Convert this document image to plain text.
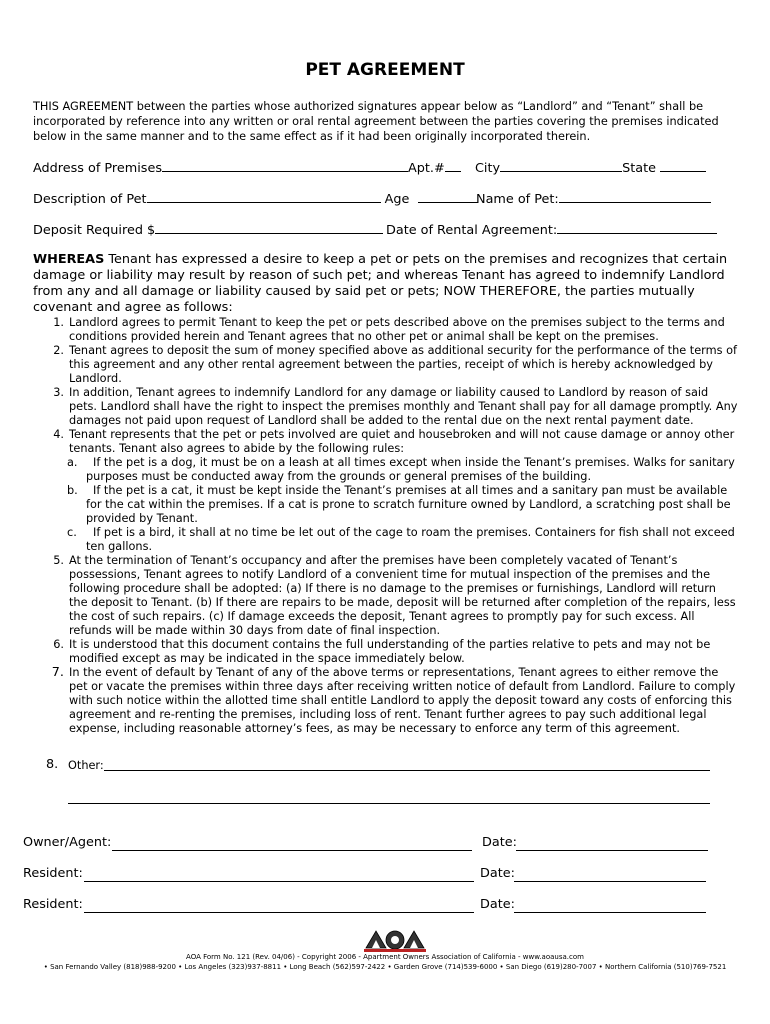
PET AGREEMENT
THIS AGREEMENT between the parties whose authorized signatures appear below as “Landlord” and “Tenant” shall be
incorporated by reference into any written or oral rental agreement between the parties covering the premises indicated
below in the same manner and to the same effect as if it had been originally incorporated therein.
Address of Premises	Apt.#	City	State
Description of Pet	Age	Name of Pet:
Deposit Required $	Date of Rental Agreement:
WHEREAS Tenant has expressed a desire to keep a pet or pets on the premises and recognizes that certain
damage or liability may result by reason of such pet; and whereas Tenant has agreed to indemnify Landlord
from any and all damage or liability caused by said pet or pets; NOW THEREFORE, the parties mutually
covenant and agree as follows:
1. Landlord agrees to permit Tenant to keep the pet or pets described above on the premises subject to the terms and
conditions provided herein and Tenant agrees that no other pet or animal shall be kept on the premises.
2. Tenant agrees to deposit the sum of money specified above as additional security for the performance of the terms of
this agreement and any other rental agreement between the parties, receipt of which is hereby acknowledged by
Landlord.
3. In addition, Tenant agrees to indemnify Landlord for any damage or liability caused to Landlord by reason of said
pets. Landlord shall have the right to inspect the premises monthly and Tenant shall pay for all damage promptly. Any
damages not paid upon request of Landlord shall be added to the rental due on the next rental payment date.
4. Tenant represents that the pet or pets involved are quiet and housebroken and will not cause damage or annoy other
tenants. Tenant also agrees to abide by the following rules:
a. If the pet is a dog, it must be on a leash at all times except when inside the Tenant’s premises. Walks for sanitary
purposes must be conducted away from the grounds or general premises of the building.
b. If the pet is a cat, it must be kept inside the Tenant’s premises at all times and a sanitary pan must be available
for the cat within the premises. If a cat is prone to scratch furniture owned by Landlord, a scratching post shall be
provided by Tenant.
c. If pet is a bird, it shall at no time be let out of the cage to roam the premises. Containers for fish shall not exceed
ten gallons.
5. At the termination of Tenant’s occupancy and after the premises have been completely vacated of Tenant’s
possessions, Tenant agrees to notify Landlord of a convenient time for mutual inspection of the premises and the
following procedure shall be adopted: (a) If there is no damage to the premises or furnishings, Landlord will return
the deposit to Tenant. (b) If there are repairs to be made, deposit will be returned after completion of the repairs, less
the cost of such repairs. (c) If damage exceeds the deposit, Tenant agrees to promptly pay for such excess. All
refunds will be made within 30 days from date of final inspection.
6. It is understood that this document contains the full understanding of the parties relative to pets and may not be
modified except as may be indicated in the space immediately below.
7. In the event of default by Tenant of any of the above terms or representations, Tenant agrees to either remove the
pet or vacate the premises within three days after receiving written notice of default from Landlord. Failure to comply
with such notice within the allotted time shall entitle Landlord to apply the deposit toward any costs of enforcing this
agreement and re-renting the premises, including loss of rent. Tenant further agrees to pay such additional legal
expense, including reasonable attorney’s fees, as may be necessary to enforce any term of this agreement.
8. Other:
Owner/Agent:	Date:
Resident:	Date:
Resident:	Date:
AOA Form No. 121 (Rev. 04/06) - Copyright 2006 - Apartment Owners Association of California - www.aoausa.com
• San Fernando Valley (818)988-9200 • Los Angeles (323)937-8811 • Long Beach (562)597-2422 • Garden Grove (714)539-6000 • San Diego (619)280-7007 • Northern California (510)769-7521
